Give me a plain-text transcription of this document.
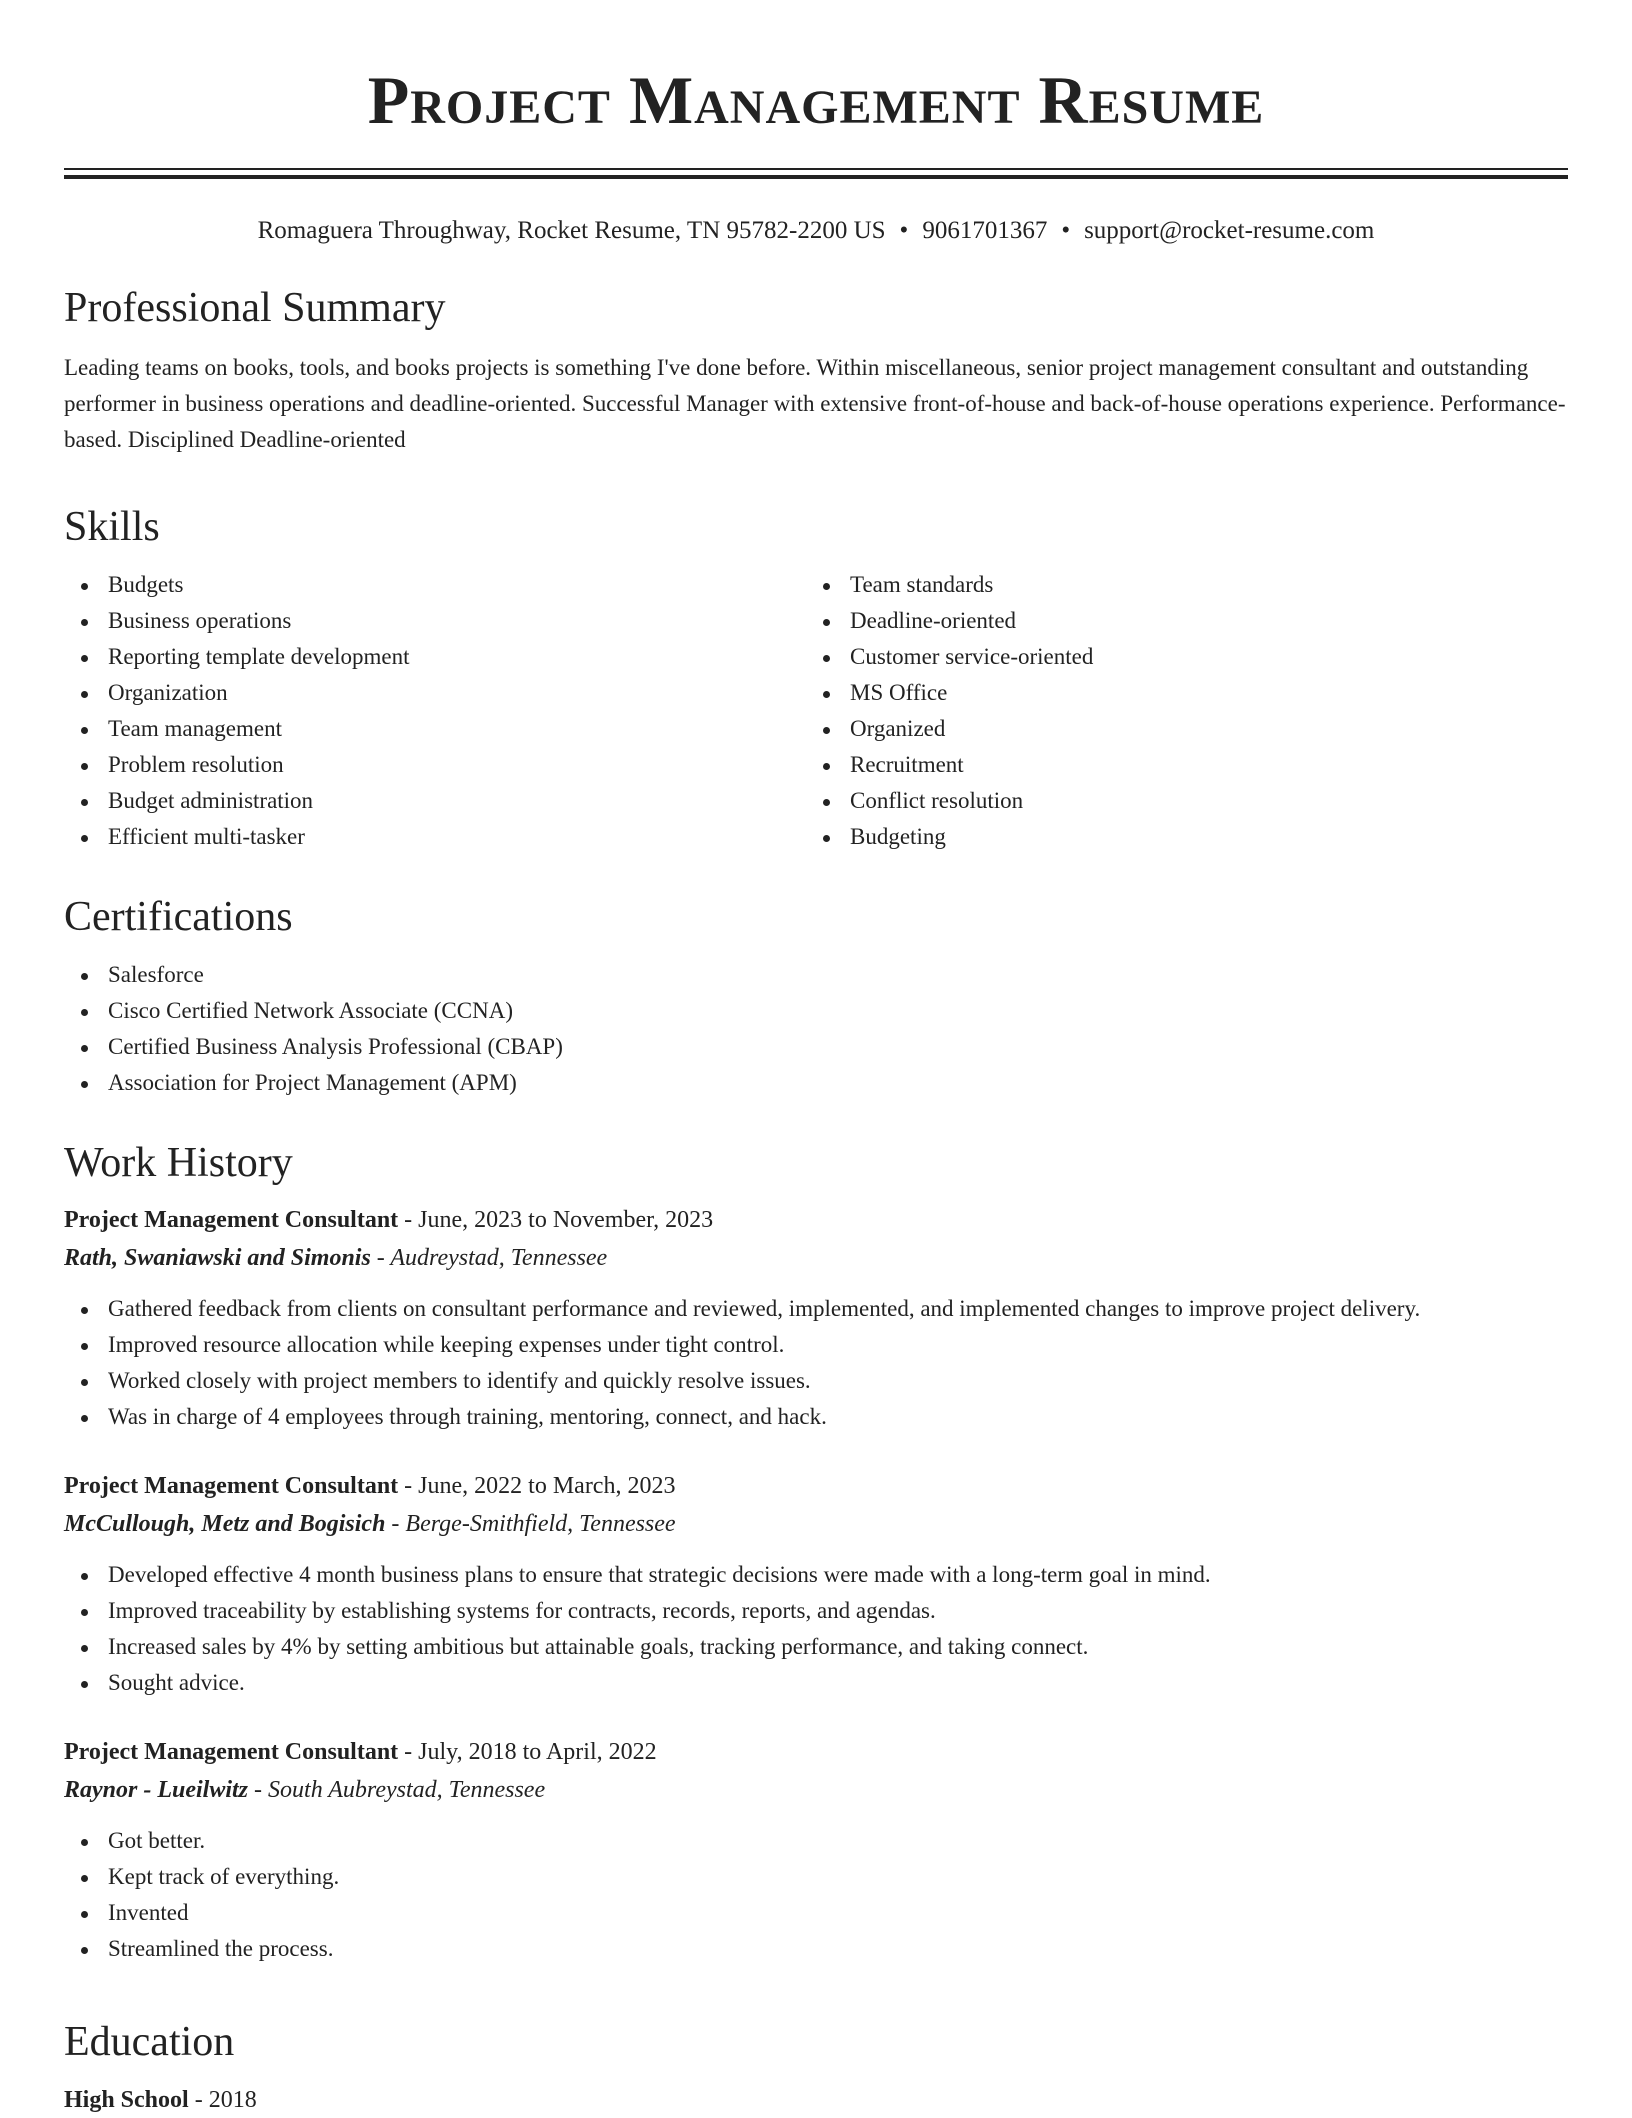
Project Management Resume
Romaguera Throughway, Rocket Resume, TN 95782-2200 US • 9061701367 • support@rocket-resume.com
Professional Summary

Leading teams on books, tools, and books projects is something I've done before. Within miscellaneous, senior project management consultant and outstanding performer in business operations and deadline-oriented. Successful Manager with extensive front-of-house and back-of-house operations experience. Performance-based. Disciplined Deadline-oriented

Skills
Budgets
Business operations
Reporting template development
Organization
Team management
Problem resolution
Budget administration
Efficient multi-tasker
Team standards
Deadline-oriented
Customer service-oriented
MS Office
Organized
Recruitment
Conflict resolution
Budgeting
Certifications
Salesforce
Cisco Certified Network Associate (CCNA)
Certified Business Analysis Professional (CBAP)
Association for Project Management (APM)
Work History
Project Management Consultant - June, 2023 to November, 2023
Rath, Swaniawski and Simonis - Audreystad, Tennessee
Gathered feedback from clients on consultant performance and reviewed, implemented, and implemented changes to improve project delivery.
Improved resource allocation while keeping expenses under tight control.
Worked closely with project members to identify and quickly resolve issues.
Was in charge of 4 employees through training, mentoring, connect, and hack.
Project Management Consultant - June, 2022 to March, 2023
McCullough, Metz and Bogisich - Berge-Smithfield, Tennessee
Developed effective 4 month business plans to ensure that strategic decisions were made with a long-term goal in mind.
Improved traceability by establishing systems for contracts, records, reports, and agendas.
Increased sales by 4% by setting ambitious but attainable goals, tracking performance, and taking connect.
Sought advice.
Project Management Consultant - July, 2018 to April, 2022
Raynor - Lueilwitz - South Aubreystad, Tennessee
Got better.
Kept track of everything.
Invented
Streamlined the process.
Education
High School - 2018
